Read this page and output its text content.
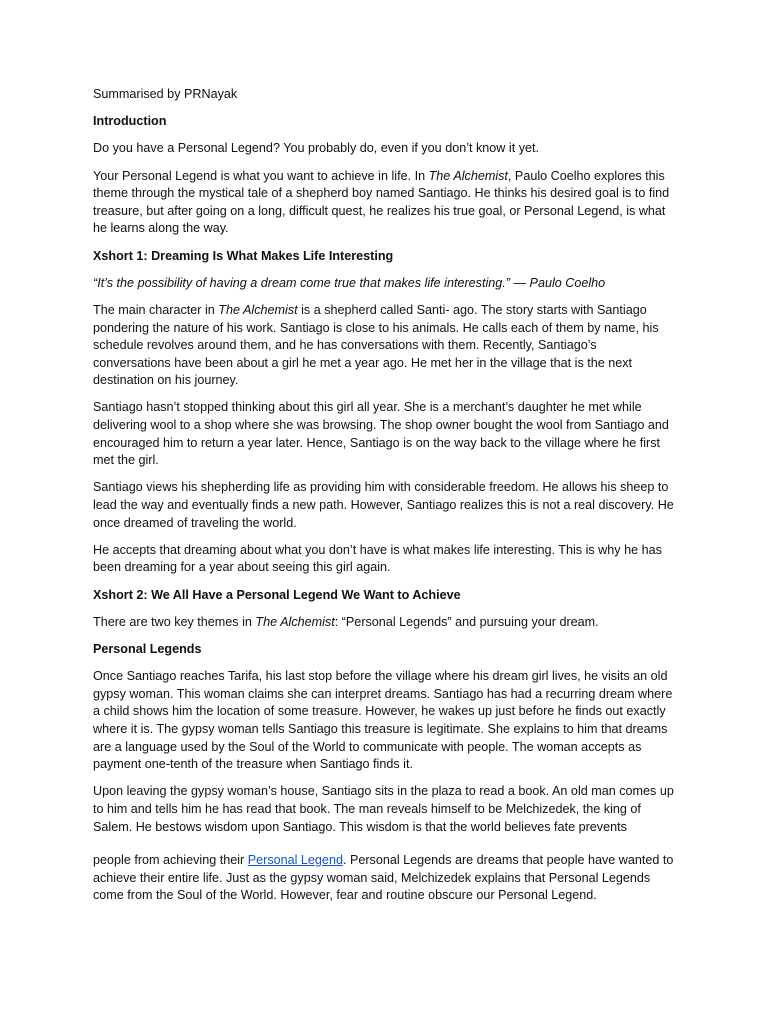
Summarised by PRNayak

Introduction

Do you have a Personal Legend? You probably do, even if you don’t know it yet.

Your Personal Legend is what you want to achieve in life. In The Alchemist, Paulo Coelho explores this theme through the mystical tale of a shepherd boy named Santiago. He thinks his desired goal is to find treasure, but after going on a long, difficult quest, he realizes his true goal, or Personal Legend, is what he learns along the way.

Xshort 1: Dreaming Is What Makes Life Interesting

“It’s the possibility of having a dream come true that makes life interesting.” — Paulo Coelho

The main character in The Alchemist is a shepherd called Santi- ago. The story starts with Santiago pondering the nature of his work. Santiago is close to his animals. He calls each of them by name, his schedule revolves around them, and he has conversations with them. Recently, Santiago’s conversations have been about a girl he met a year ago. He met her in the village that is the next destination on his journey.

Santiago hasn’t stopped thinking about this girl all year. She is a merchant’s daughter he met while delivering wool to a shop where she was browsing. The shop owner bought the wool from Santiago and encouraged him to return a year later. Hence, Santiago is on the way back to the village where he first met the girl.

Santiago views his shepherding life as providing him with considerable freedom. He allows his sheep to lead the way and eventually finds a new path. However, Santiago realizes this is not a real discovery. He once dreamed of traveling the world.

He accepts that dreaming about what you don’t have is what makes life interesting. This is why he has been dreaming for a year about seeing this girl again.

Xshort 2: We All Have a Personal Legend We Want to Achieve

There are two key themes in The Alchemist: “Personal Legends” and pursuing your dream.

Personal Legends

Once Santiago reaches Tarifa, his last stop before the village where his dream girl lives, he visits an old gypsy woman. This woman claims she can interpret dreams. Santiago has had a recurring dream where a child shows him the location of some treasure. However, he wakes up just before he finds out exactly where it is. The gypsy woman tells Santiago this treasure is legitimate. She explains to him that dreams are a language used by the Soul of the World to communicate with people. The woman accepts as payment one-tenth of the treasure when Santiago finds it.

Upon leaving the gypsy woman’s house, Santiago sits in the plaza to read a book. An old man comes up to him and tells him he has read that book. The man reveals himself to be Melchizedek, the king of Salem. He bestows wisdom upon Santiago. This wisdom is that the world believes fate prevents

people from achieving their Personal Legend. Personal Legends are dreams that people have wanted to achieve their entire life. Just as the gypsy woman said, Melchizedek explains that Personal Legends come from the Soul of the World. However, fear and routine obscure our Personal Legend.
